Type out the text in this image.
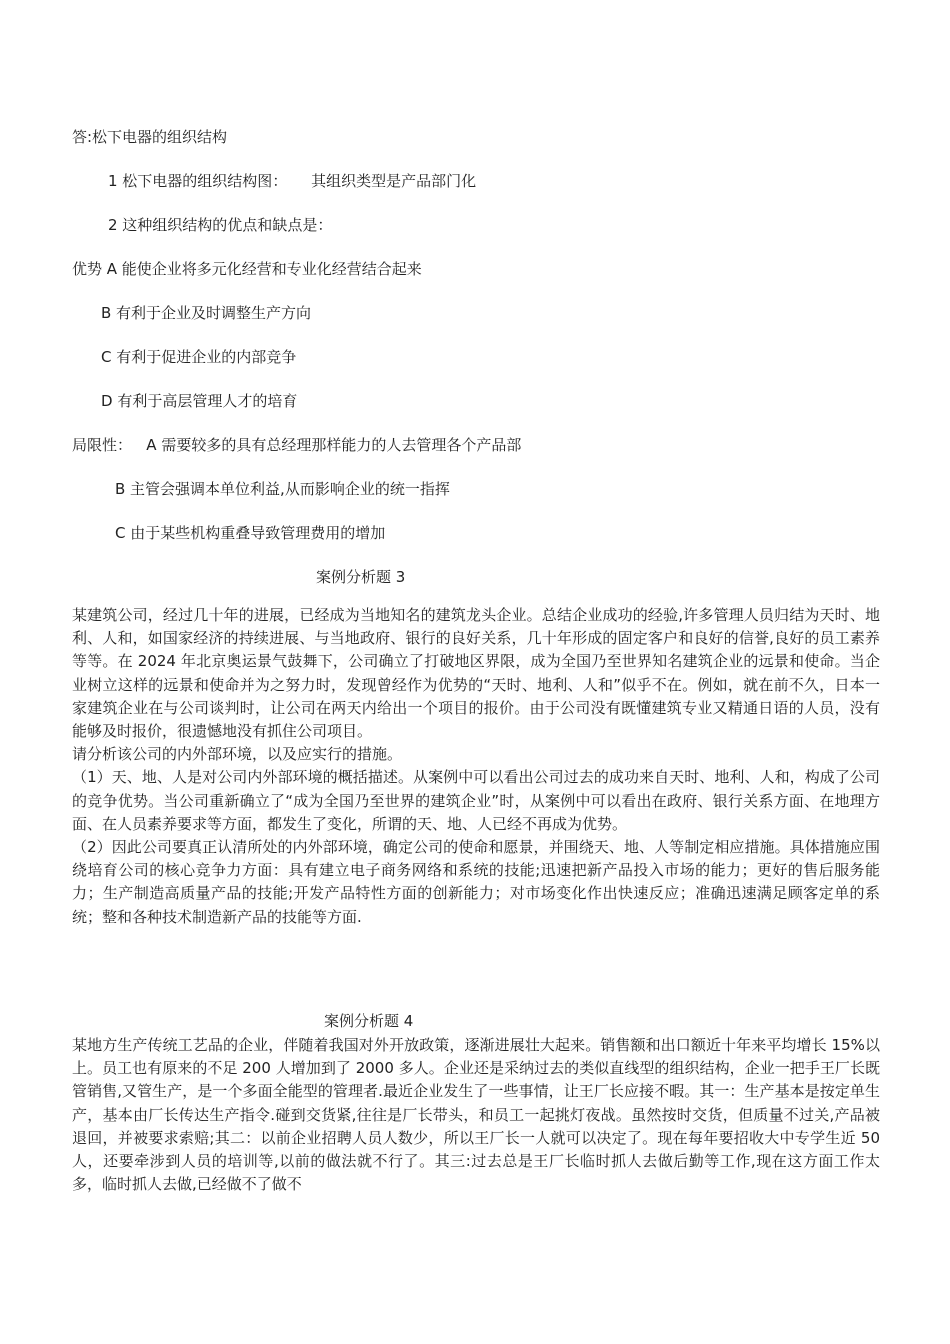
答:松下电器的组织结构
1 松下电器的组织结构图：     其组织类型是产品部门化
2 这种组织结构的优点和缺点是：
优势 A 能使企业将多元化经营和专业化经营结合起来
B 有利于企业及时调整生产方向
C 有利于促进企业的内部竞争
D 有利于高层管理人才的培育
局限性：   A 需要较多的具有总经理那样能力的人去管理各个产品部
B 主管会强调本单位利益,从而影响企业的统一指挥
C 由于某些机构重叠导致管理费用的增加
案例分析题 3

某建筑公司，经过几十年的进展，已经成为当地知名的建筑龙头企业。总结企业成功的经验,许多管理人员归结为天时、地利、人和，如国家经济的持续进展、与当地政府、银行的良好关系，几十年形成的固定客户和良好的信誉,良好的员工素养等等。在 2024 年北京奥运景气鼓舞下，公司确立了打破地区界限，成为全国乃至世界知名建筑企业的远景和使命。当企业树立这样的远景和使命并为之努力时，发现曾经作为优势的“天时、地利、人和”似乎不在。例如，就在前不久，日本一家建筑企业在与公司谈判时，让公司在两天内给出一个项目的报价。由于公司没有既懂建筑专业又精通日语的人员，没有能够及时报价，很遗憾地没有抓住公司项目。

请分析该公司的内外部环境，以及应实行的措施。

（1）天、地、人是对公司内外部环境的概括描述。从案例中可以看出公司过去的成功来自天时、地利、人和，构成了公司的竞争优势。当公司重新确立了“成为全国乃至世界的建筑企业”时，从案例中可以看出在政府、银行关系方面、在地理方面、在人员素养要求等方面，都发生了变化，所谓的天、地、人已经不再成为优势。

（2）因此公司要真正认清所处的内外部环境，确定公司的使命和愿景，并围绕天、地、人等制定相应措施。具体措施应围绕培育公司的核心竞争力方面：具有建立电子商务网络和系统的技能;迅速把新产品投入市场的能力；更好的售后服务能力；生产制造高质量产品的技能;开发产品特性方面的创新能力；对市场变化作出快速反应；准确迅速满足顾客定单的系统；整和各种技术制造新产品的技能等方面.

案例分析题 4

某地方生产传统工艺品的企业，伴随着我国对外开放政策，逐渐进展壮大起来。销售额和出口额近十年来平均增长 15%以上。员工也有原来的不足 200 人增加到了 2000 多人。企业还是采纳过去的类似直线型的组织结构，企业一把手王厂长既管销售,又管生产，是一个多面全能型的管理者.最近企业发生了一些事情，让王厂长应接不暇。其一：生产基本是按定单生产，基本由厂长传达生产指令.碰到交货紧,往往是厂长带头，和员工一起挑灯夜战。虽然按时交货，但质量不过关,产品被退回，并被要求索赔;其二：以前企业招聘人员人数少，所以王厂长一人就可以决定了。现在每年要招收大中专学生近 50 人，还要牵涉到人员的培训等,以前的做法就不行了。其三:过去总是王厂长临时抓人去做后勤等工作,现在这方面工作太多，临时抓人去做,已经做不了做不
